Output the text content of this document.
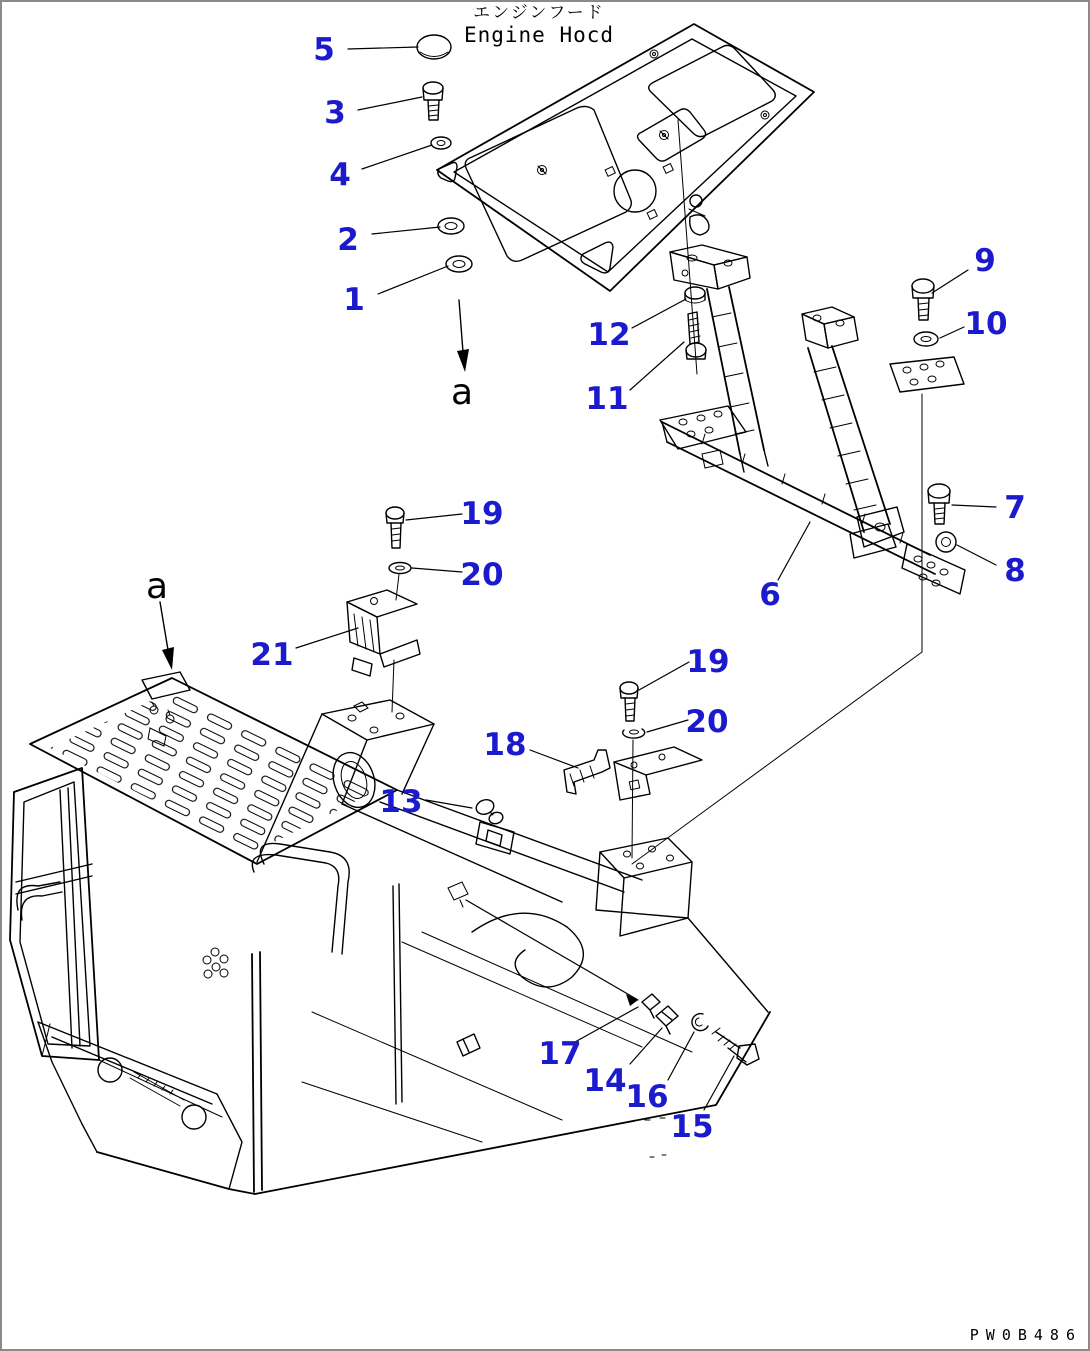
エンジンフード
Engine Hocd
PW0B486
5
3
4
2
1
12
11
9
10
7
8
6
19
20
21	19
20
18
13
17
14
16
15
a
a
